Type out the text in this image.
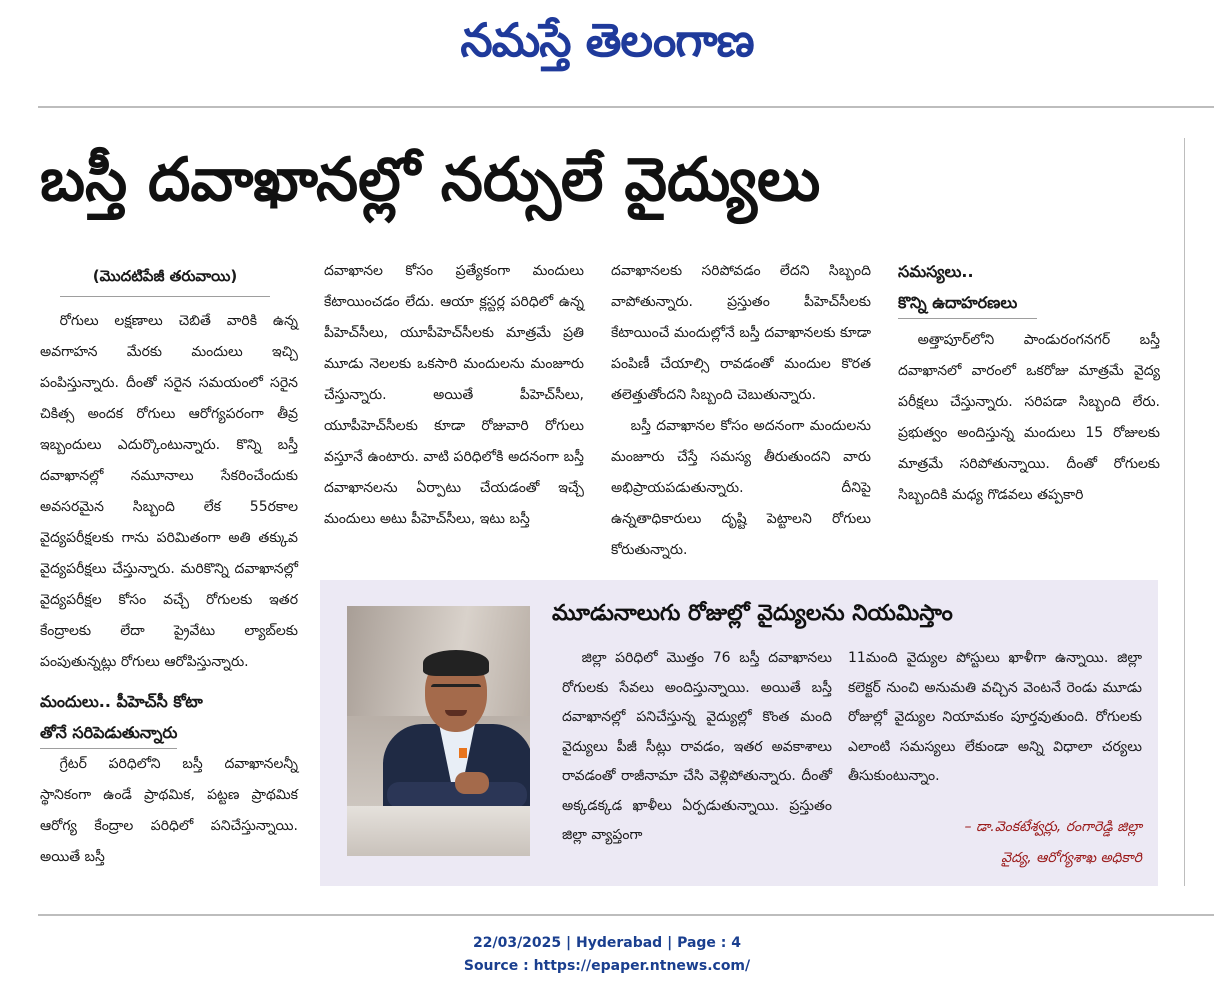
నమస్తే తెలంగాణ
బస్తీ దవాఖానల్లో నర్సులే వైద్యులు
(మొదటిపేజీ తరువాయి)

రోగులు లక్షణాలు చెబితే వారికి ఉన్న అవగాహన మేరకు మందులు ఇచ్చి పంపిస్తున్నారు. దీంతో సరైన సమయంలో సరైన చికిత్స అందక రోగులు ఆరోగ్యపరంగా తీవ్ర ఇబ్బందులు ఎదుర్కొంటున్నారు. కొన్ని బస్తీ దవాఖానల్లో నమూనాలు సేకరించేందుకు అవసరమైన సిబ్బంది లేక 55రకాల వైద్యపరీక్షలకు గాను పరిమితంగా అతి తక్కువ వైద్యపరీక్షలు చేస్తున్నారు. మరికొన్ని దవాఖానల్లో వైద్యపరీక్షల కోసం వచ్చే రోగులకు ఇతర కేంద్రాలకు లేదా ప్రైవేటు ల్యాబ్‌లకు పంపుతున్నట్లు రోగులు ఆరోపిస్తున్నారు.

మందులు.. పీహెచ్‌సీ కోటా
తోనే సరిపెడుతున్నారు

గ్రేటర్ పరిధిలోని బస్తీ దవాఖానలన్నీ స్థానికంగా ఉండే ప్రాథమిక, పట్టణ ప్రాథమిక ఆరోగ్య కేంద్రాల పరిధిలో పనిచేస్తున్నాయి. అయితే బస్తీ

దవాఖానల కోసం ప్రత్యేకంగా మందులు కేటాయించడం లేదు. ఆయా క్లస్టర్ల పరిధిలో ఉన్న పీహెచ్‌సీలు, యూపీహెచ్‌సీలకు మాత్రమే ప్రతి మూడు నెలలకు ఒకసారి మందులను మంజూరు చేస్తున్నారు. అయితే పీహెచ్‌సీలు, యూపీహెచ్‌సీలకు కూడా రోజువారి రోగులు వస్తూనే ఉంటారు. వాటి పరిధిలోకి అదనంగా బస్తీ దవాఖానలను ఏర్పాటు చేయడంతో ఇచ్చే మందులు అటు పీహెచ్‌సీలు, ఇటు బస్తీ

దవాఖానలకు సరిపోవడం లేదని సిబ్బంది వాపోతున్నారు. ప్రస్తుతం పీహెచ్‌సీలకు కేటాయించే మందుల్లోనే బస్తీ దవాఖానలకు కూడా పంపిణీ చేయాల్సి రావడంతో మందుల కొరత తలెత్తుతోందని సిబ్బంది చెబుతున్నారు.

బస్తీ దవాఖానల కోసం అదనంగా మందులను మంజూరు చేస్తే సమస్య తీరుతుందని వారు అభిప్రాయపడుతున్నారు. దీనిపై ఉన్నతాధికారులు దృష్టి పెట్టాలని రోగులు కోరుతున్నారు.

సమస్యలు..
కొన్ని ఉదాహరణలు

అత్తాపూర్‌లోని పాండురంగనగర్ బస్తీ దవాఖానలో వారంలో ఒకరోజు మాత్రమే వైద్య పరీక్షలు చేస్తున్నారు. సరిపడా సిబ్బంది లేరు. ప్రభుత్వం అందిస్తున్న మందులు 15 రోజులకు మాత్రమే సరిపోతున్నాయి. దీంతో రోగులకు సిబ్బందికి మధ్య గొడవలు తప్పకారి

మూడునాలుగు రోజుల్లో వైద్యులను నియమిస్తాం

జిల్లా పరిధిలో మొత్తం 76 బస్తీ దవాఖానలు రోగులకు సేవలు అందిస్తున్నాయి. అయితే బస్తీ దవాఖానల్లో పనిచేస్తున్న వైద్యుల్లో కొంత మంది వైద్యులు పీజీ సీట్లు రావడం, ఇతర అవకాశాలు రావడంతో రాజీనామా చేసి వెళ్లిపోతున్నారు. దీంతో అక్కడక్కడ ఖాళీలు ఏర్పడుతున్నాయి. ప్రస్తుతం జిల్లా వ్యాప్తంగా

11మంది వైద్యుల పోస్టులు ఖాళీగా ఉన్నాయి. జిల్లా కలెక్టర్ నుంచి అనుమతి వచ్చిన వెంటనే రెండు మూడు రోజుల్లో వైద్యుల నియామకం పూర్తవుతుంది. రోగులకు ఎలాంటి సమస్యలు లేకుండా అన్ని విధాలా చర్యలు తీసుకుంటున్నాం.

– డా.వెంకటేశ్వర్లు, రంగారెడ్డి జిల్లా
వైద్య, ఆరోగ్యశాఖ అధికారి
22/03/2025 | Hyderabad | Page : 4
Source : https://epaper.ntnews.com/
